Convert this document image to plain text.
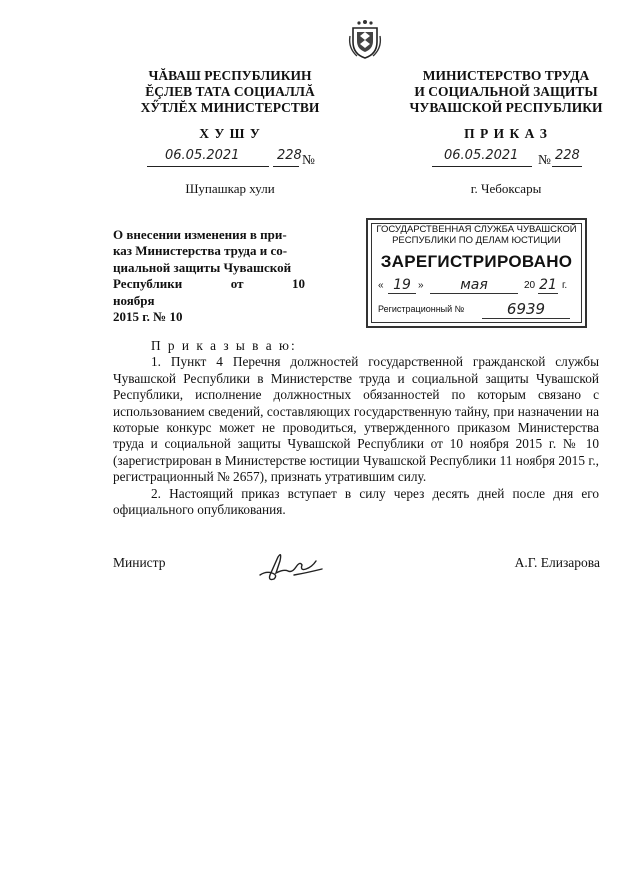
ЧĂВАШ РЕСПУБЛИКИН
ĔÇЛЕВ ТАТА СОЦИАЛЛĂ
ХӲТЛĔХ МИНИСТЕРСТВИ
Х У Ш У
06.05.2021	228 №
Шупашкар хули
МИНИСТЕРСТВО ТРУДА
И СОЦИАЛЬНОЙ ЗАЩИТЫ
ЧУВАШСКОЙ РЕСПУБЛИКИ
П Р И К А З
06.05.2021 № 228
г. Чебоксары
О внесении изменения в при-
каз Министерства труда и со-
циальной защиты Чувашской
Республики от 10 ноября
2015 г. № 10
ГОСУДАРСТВЕННАЯ СЛУЖБА ЧУВАШСКОЙ
РЕСПУБЛИКИ ПО ДЕЛАМ ЮСТИЦИИ
ЗАРЕГИСТРИРОВАНО
« 19 »	мая	20 21 г.
Регистрационный №	6939

П р и к а з ы в а ю:

1. Пункт 4 Перечня должностей государственной гражданской службы Чувашской Республики в Министерстве труда и социальной защиты Чувашской Республики, исполнение должностных обязанностей по которым связано с использованием сведений, составляющих государственную тайну, при назначении на которые конкурс может не проводиться, утвержденного приказом Министерства труда и социальной защиты Чувашской Республики от 10 ноября 2015 г. № 10 (зарегистрирован в Министерстве юстиции Чувашской Республики 11 ноября 2015 г., регистрационный № 2657), признать утратившим силу.

2. Настоящий приказ вступает в силу через десять дней после дня его официального опубликования.

Министр	А.Г. Елизарова
